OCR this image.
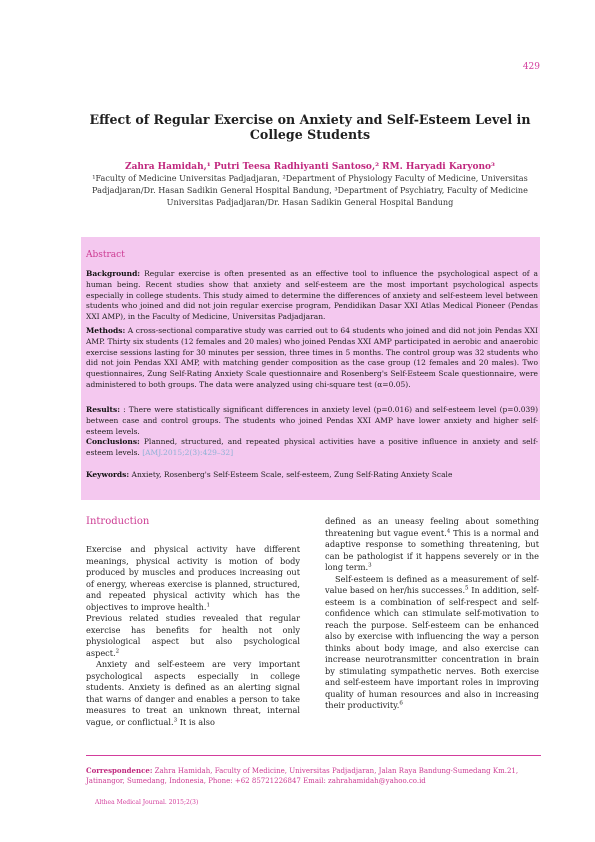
429
Effect of Regular Exercise on Anxiety and Self-Esteem Level in College Students
Zahra Hamidah,¹ Putri Teesa Radhiyanti Santoso,² RM. Haryadi Karyono³
¹Faculty of Medicine Universitas Padjadjaran, ²Department of Physiology Faculty of Medicine, Universitas Padjadjaran/Dr. Hasan Sadikin General Hospital Bandung, ³Department of Psychiatry, Faculty of Medicine Universitas Padjadjaran/Dr. Hasan Sadikin General Hospital Bandung
Abstract
Background: Regular exercise is often presented as an effective tool to influence the psychological aspect of a human being. Recent studies show that anxiety and self-esteem are the most important psychological aspects especially in college students. This study aimed to determine the differences of anxiety and self-esteem level between students who joined and did not join regular exercise program, Pendidikan Dasar XXI Atlas Medical Pioneer (Pendas XXI AMP), in the Faculty of Medicine, Universitas Padjadjaran.
Methods: A cross-sectional comparative study was carried out to 64 students who joined and did not join Pendas XXI AMP. Thirty six students (12 females and 20 males) who joined Pendas XXI AMP participated in aerobic and anaerobic exercise sessions lasting for 30 minutes per session, three times in 5 months. The control group was 32 students who did not join Pendas XXI AMP, with matching gender composition as the case group (12 females and 20 males). Two questionnaires, Zung Self-Rating Anxiety Scale questionnaire and Rosenberg's Self-Esteem Scale questionnaire, were administered to both groups. The data were analyzed using chi-square test (α=0.05).
Results: : There were statistically significant differences in anxiety level (p=0.016) and self-esteem level (p=0.039) between case and control groups. The students who joined Pendas XXI AMP have lower anxiety and higher self-esteem levels.
Conclusions: Planned, structured, and repeated physical activities have a positive influence in anxiety and self-esteem levels. [AMJ.2015;2(3):429–32]
Keywords: Anxiety, Rosenberg's Self-Esteem Scale, self-esteem, Zung Self-Rating Anxiety Scale
Introduction
Exercise and physical activity have different meanings, physical activity is motion of body produced by muscles and produces increasing out of energy, whereas exercise is planned, structured, and repeated physical activity which has the objectives to improve health.$^1$
Previous related studies revealed that regular exercise has benefits for health not only physiological aspect but also psychological aspect.$^2$
Anxiety and self-esteem are very important psychological aspects especially in college students. Anxiety is defined as an alerting signal that warns of danger and enables a person to take measures to treat an unknown threat, internal vague, or conflictual.$^3$ It is also
defined as an uneasy feeling about something threatening but vague event.$^4$ This is a normal and adaptive response to something threatening, but can be pathologist if it happens severely or in the long term.$^3$
Self-esteem is defined as a measurement of self-value based on her/his successes.$^5$ In addition, self-esteem is a combination of self-respect and self-confidence which can stimulate self-motivation to reach the purpose. Self-esteem can be enhanced also by exercise with influencing the way a person thinks about body image, and also exercise can increase neurotransmitter concentration in brain by stimulating sympathetic nerves. Both exercise and self-esteem have important roles in improving quality of human resources and also in increasing their productivity.$^6$
Correspondence: Zahra Hamidah, Faculty of Medicine, Universitas Padjadjaran, Jalan Raya Bandung-Sumedang Km.21, Jatinangor, Sumedang, Indonesia, Phone: +62 85721226847 Email: zahrahamidah@yahoo.co.id
Althea Medical Journal. 2015;2(3)
